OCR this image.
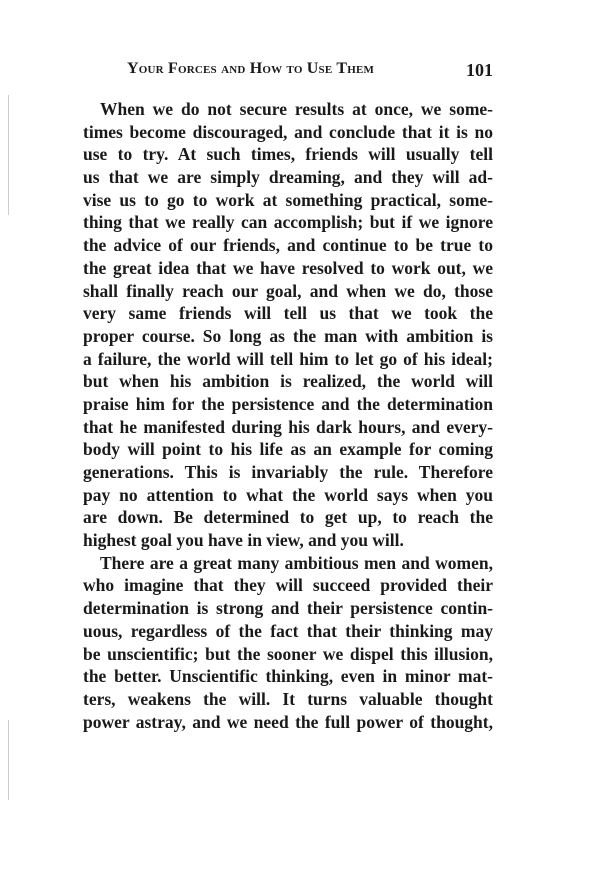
Your Forces and How to Use Them	101
When we do not secure results at once, we some-
times become discouraged, and conclude that it is no
use to try. At such times, friends will usually tell
us that we are simply dreaming, and they will ad-
vise us to go to work at something practical, some-
thing that we really can accomplish; but if we ignore
the advice of our friends, and continue to be true to
the great idea that we have resolved to work out, we
shall finally reach our goal, and when we do, those
very same friends will tell us that we took the
proper course. So long as the man with ambition is
a failure, the world will tell him to let go of his ideal;
but when his ambition is realized, the world will
praise him for the persistence and the determination
that he manifested during his dark hours, and every-
body will point to his life as an example for coming
generations. This is invariably the rule. Therefore
pay no attention to what the world says when you
are down. Be determined to get up, to reach the
highest goal you have in view, and you will.
There are a great many ambitious men and women,
who imagine that they will succeed provided their
determination is strong and their persistence contin-
uous, regardless of the fact that their thinking may
be unscientific; but the sooner we dispel this illusion,
the better. Unscientific thinking, even in minor mat-
ters, weakens the will. It turns valuable thought
power astray, and we need the full power of thought,
